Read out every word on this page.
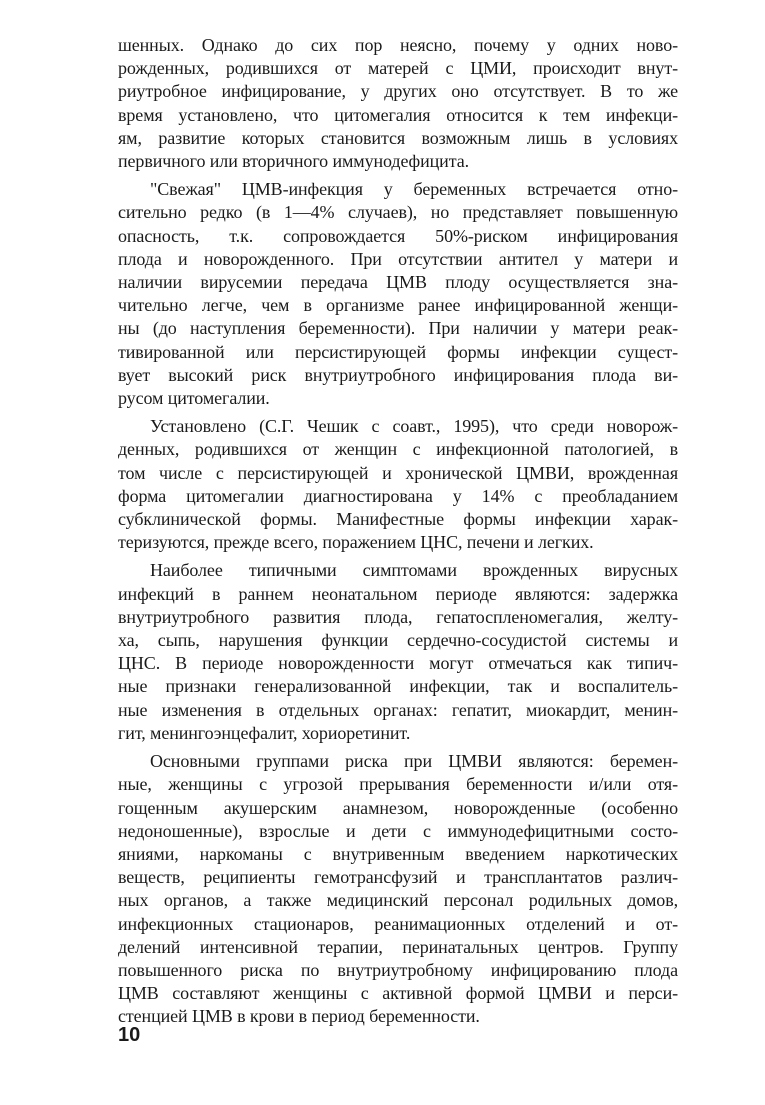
шенных. Однако до сих пор неясно, почему у одних ново-
рожденных, родившихся от матерей с ЦМИ, происходит внут-
риутробное инфицирование, у других оно отсутствует. В то же
время установлено, что цитомегалия относится к тем инфекци-
ям, развитие которых становится возможным лишь в условиях
первичного или вторичного иммунодефицита.
"Свежая" ЦМВ-инфекция у беременных встречается отно-
сительно редко (в 1—4% случаев), но представляет повышенную
опасность, т.к. сопровождается 50%-риском инфицирования
плода и новорожденного. При отсутствии антител у матери и
наличии вирусемии передача ЦМВ плоду осуществляется зна-
чительно легче, чем в организме ранее инфицированной женщи-
ны (до наступления беременности). При наличии у матери реак-
тивированной или персистирующей формы инфекции сущест-
вует высокий риск внутриутробного инфицирования плода ви-
русом цитомегалии.
Установлено (С.Г. Чешик с соавт., 1995), что среди новорож-
денных, родившихся от женщин с инфекционной патологией, в
том числе с персистирующей и хронической ЦМВИ, врожденная
форма цитомегалии диагностирована у 14% с преобладанием
субклинической формы. Манифестные формы инфекции харак-
теризуются, прежде всего, поражением ЦНС, печени и легких.
Наиболее типичными симптомами врожденных вирусных
инфекций в раннем неонатальном периоде являются: задержка
внутриутробного развития плода, гепатоспленомегалия, желту-
ха, сыпь, нарушения функции сердечно-сосудистой системы и
ЦНС. В периоде новорожденности могут отмечаться как типич-
ные признаки генерализованной инфекции, так и воспалитель-
ные изменения в отдельных органах: гепатит, миокардит, менин-
гит, менингоэнцефалит, хориоретинит.
Основными группами риска при ЦМВИ являются: беремен-
ные, женщины с угрозой прерывания беременности и/или отя-
гощенным акушерским анамнезом, новорожденные (особенно
недоношенные), взрослые и дети с иммунодефицитными состо-
яниями, наркоманы с внутривенным введением наркотических
веществ, реципиенты гемотрансфузий и трансплантатов различ-
ных органов, а также медицинский персонал родильных домов,
инфекционных стационаров, реанимационных отделений и от-
делений интенсивной терапии, перинатальных центров. Группу
повышенного риска по внутриутробному инфицированию плода
ЦМВ составляют женщины с активной формой ЦМВИ и перси-
стенцией ЦМВ в крови в период беременности.
10
